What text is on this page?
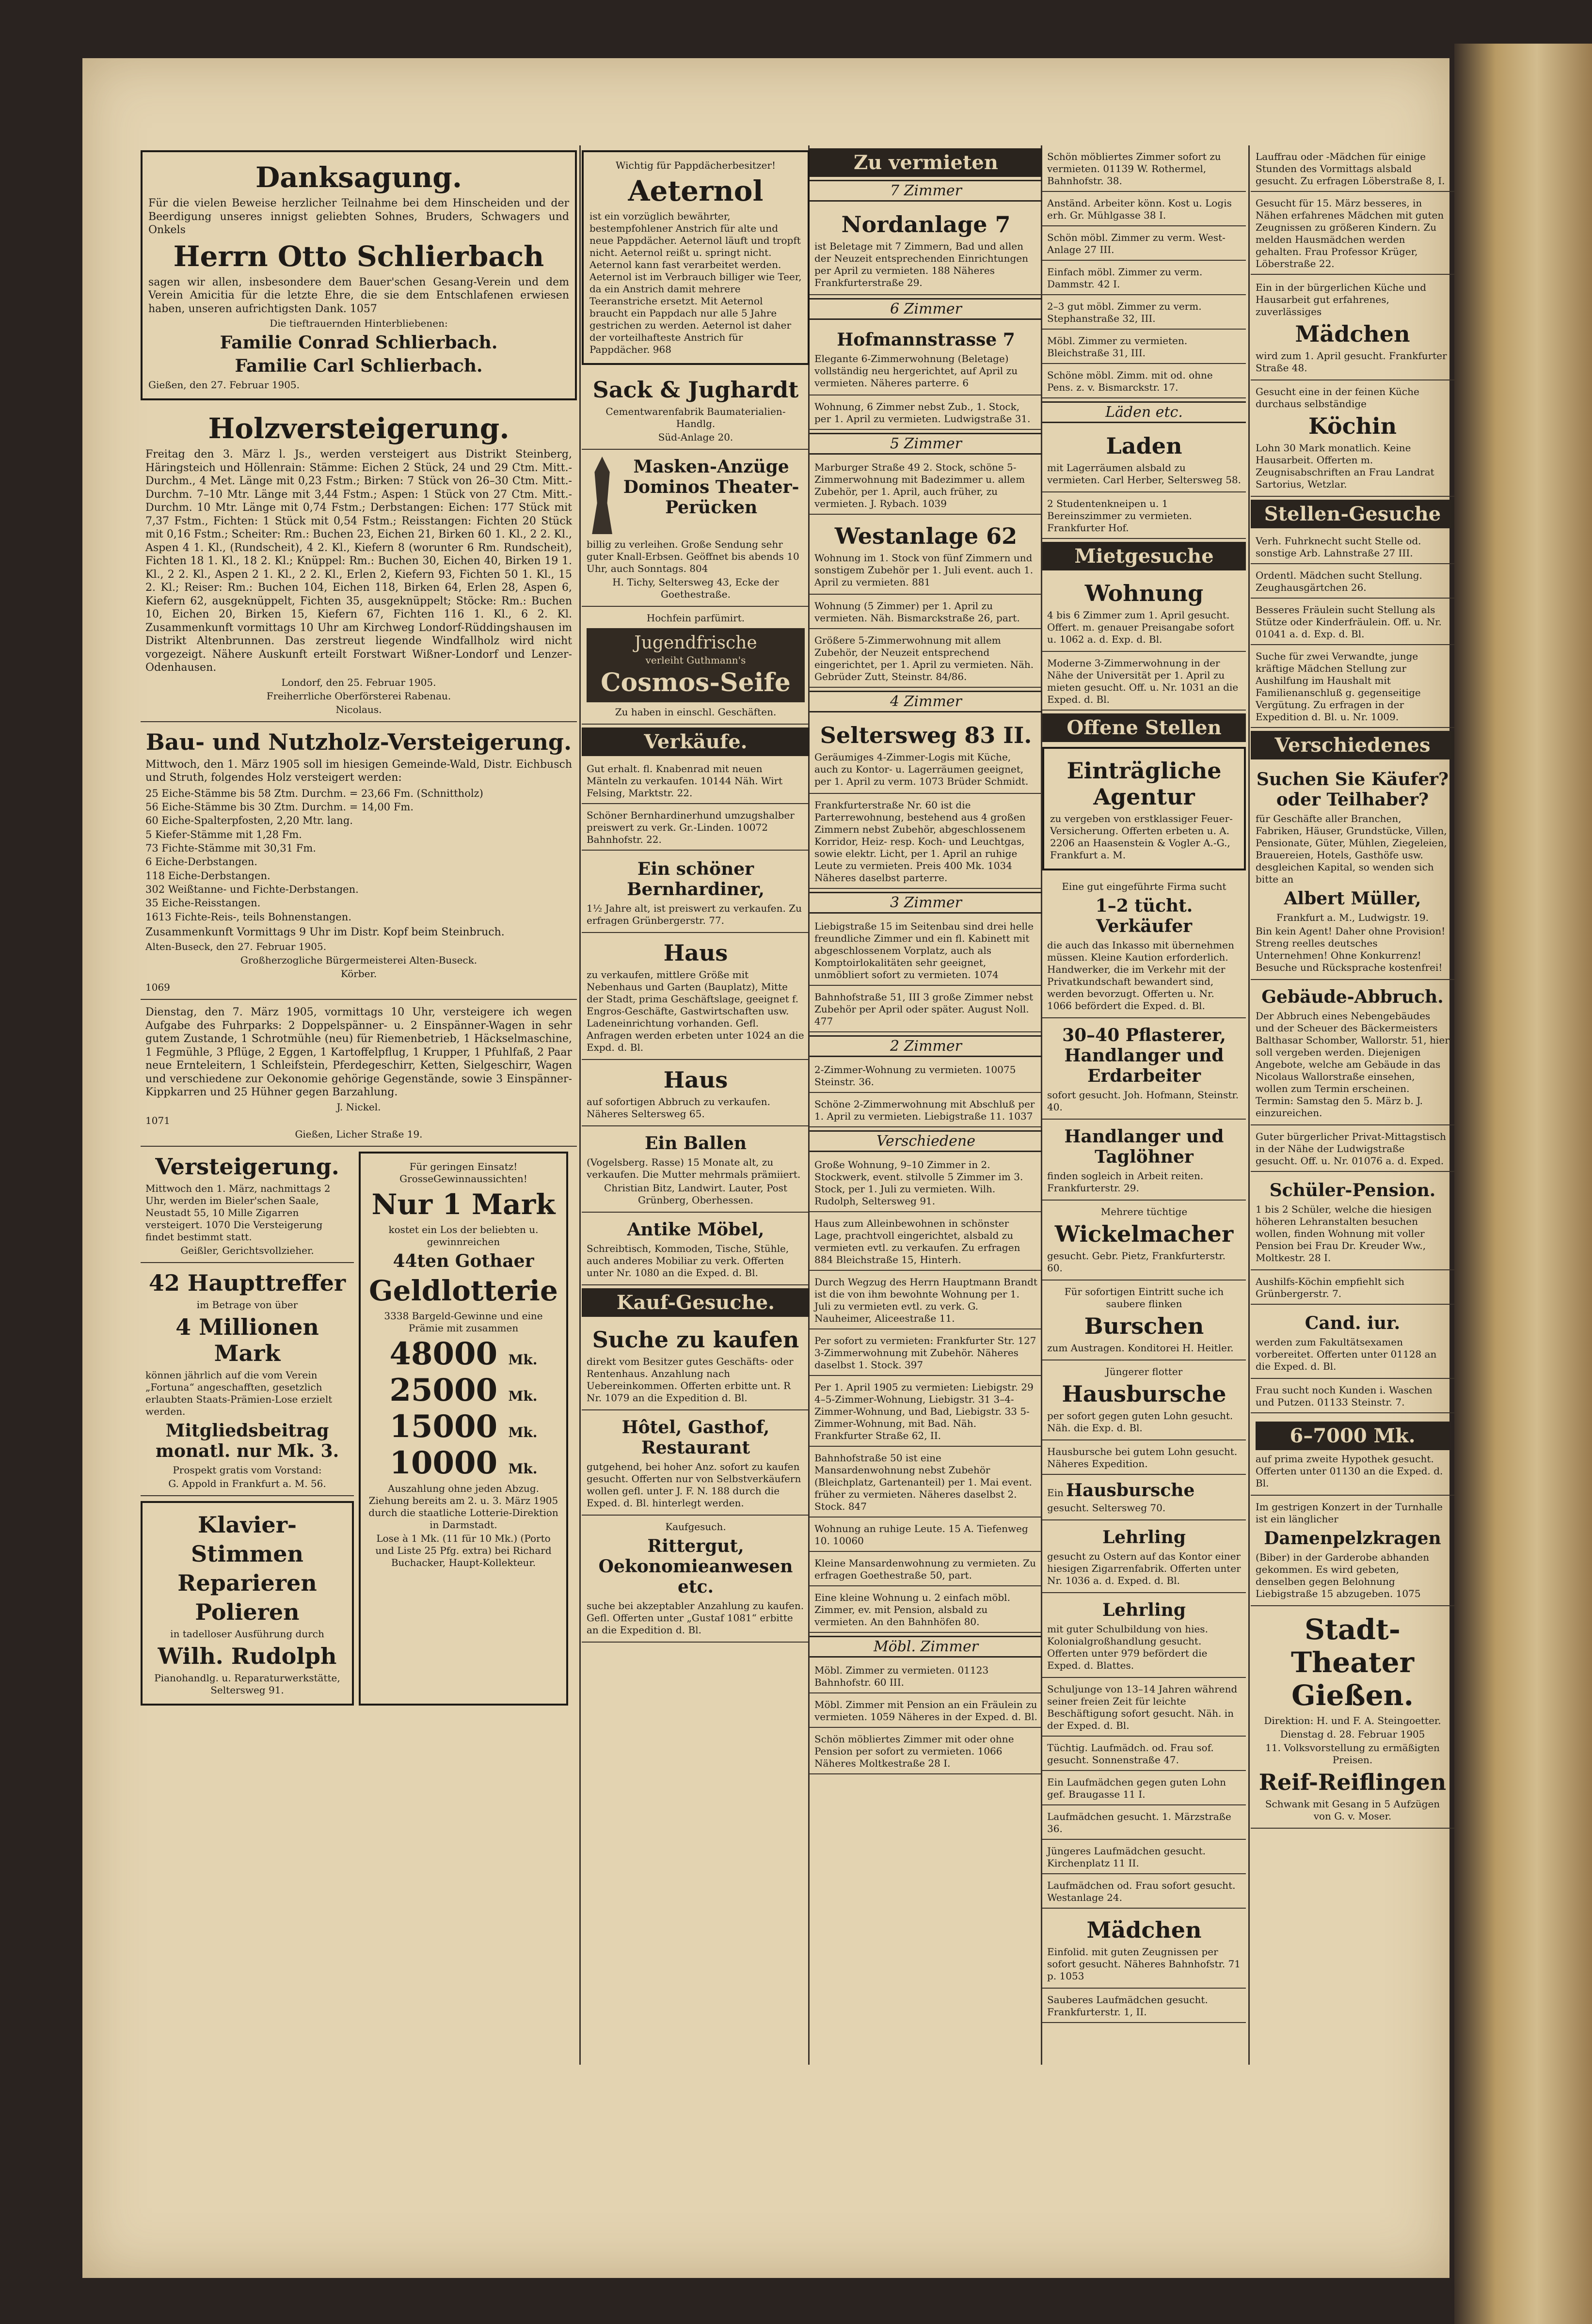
Danksagung.
Für die vielen Beweise herzlicher Teilnahme bei dem Hinscheiden und der Beerdigung unseres innigst geliebten Sohnes, Bruders, Schwagers und Onkels
Herrn Otto Schlierbach
sagen wir allen, insbesondere dem Bauer'schen Gesang-Verein und dem Verein Amicitia für die letzte Ehre, die sie dem Entschlafenen erwiesen haben, unseren aufrichtigsten Dank. 1057
Die tieftrauernden Hinterbliebenen:
Familie Conrad Schlierbach.
Familie Carl Schlierbach.
Gießen, den 27. Februar 1905.
Holzversteigerung.
Freitag den 3. März l. Js., werden versteigert aus Distrikt Steinberg, Häringsteich und Höllenrain: Stämme: Eichen 2 Stück, 24 und 29 Ctm. Mitt.-Durchm., 4 Met. Länge mit 0,23 Fstm.; Birken: 7 Stück von 26–30 Ctm. Mitt.-Durchm. 7–10 Mtr. Länge mit 3,44 Fstm.; Aspen: 1 Stück von 27 Ctm. Mitt.-Durchm. 10 Mtr. Länge mit 0,74 Fstm.; Derbstangen: Eichen: 177 Stück mit 7,37 Fstm., Fichten: 1 Stück mit 0,54 Fstm.; Reisstangen: Fichten 20 Stück mit 0,16 Fstm.; Scheiter: Rm.: Buchen 23, Eichen 21, Birken 60 1. Kl., 2 2. Kl., Aspen 4 1. Kl., (Rundscheit), 4 2. Kl., Kiefern 8 (worunter 6 Rm. Rundscheit), Fichten 18 1. Kl., 18 2. Kl.; Knüppel: Rm.: Buchen 30, Eichen 40, Birken 19 1. Kl., 2 2. Kl., Aspen 2 1. Kl., 2 2. Kl., Erlen 2, Kiefern 93, Fichten 50 1. Kl., 15 2. Kl.; Reiser: Rm.: Buchen 104, Eichen 118, Birken 64, Erlen 28, Aspen 6, Kiefern 62, ausgeknüppelt, Fichten 35, ausgeknüppelt; Stöcke: Rm.: Buchen 10, Eichen 20, Birken 15, Kiefern 67, Fichten 116 1. Kl., 6 2. Kl. Zusammenkunft vormittags 10 Uhr am Kirchweg Londorf-Rüddingshausen im Distrikt Altenbrunnen. Das zerstreut liegende Windfallholz wird nicht vorgezeigt. Nähere Auskunft erteilt Forstwart Wißner-Londorf und Lenzer-Odenhausen.
Londorf, den 25. Februar 1905.
Freiherrliche Oberförsterei Rabenau.
Nicolaus.
Bau- und Nutzholz-Versteigerung.
Mittwoch, den 1. März 1905 soll im hiesigen Gemeinde-Wald, Distr. Eichbusch und Struth, folgendes Holz versteigert werden:
25 Eiche-Stämme bis 58 Ztm. Durchm. = 23,66 Fm. (Schnittholz)
56 Eiche-Stämme bis 30 Ztm. Durchm. = 14,00 Fm.
60 Eiche-Spalterpfosten, 2,20 Mtr. lang.
5 Kiefer-Stämme mit 1,28 Fm.
73 Fichte-Stämme mit 30,31 Fm.
6 Eiche-Derbstangen.
118 Eiche-Derbstangen.
302 Weißtanne- und Fichte-Derbstangen.
35 Eiche-Reisstangen.
1613 Fichte-Reis-, teils Bohnenstangen.
Zusammenkunft Vormittags 9 Uhr im Distr. Kopf beim Steinbruch.
Alten-Buseck, den 27. Februar 1905.
Großherzogliche Bürgermeisterei Alten-Buseck.
Körber.
1069
Dienstag, den 7. März 1905, vormittags 10 Uhr, versteigere ich wegen Aufgabe des Fuhrparks: 2 Doppelspänner- u. 2 Einspänner-Wagen in sehr gutem Zustande, 1 Schrotmühle (neu) für Riemenbetrieb, 1 Häckselmaschine, 1 Fegmühle, 3 Pflüge, 2 Eggen, 1 Kartoffelpflug, 1 Krupper, 1 Pfuhlfaß, 2 Paar neue Ernteleitern, 1 Schleifstein, Pferdegeschirr, Ketten, Sielgeschirr, Wagen und verschiedene zur Oekonomie gehörige Gegenstände, sowie 3 Einspänner-Kippkarren und 25 Hühner gegen Barzahlung.
J. Nickel.
1071
Gießen, Licher Straße 19.
Versteigerung.
Mittwoch den 1. März, nachmittags 2 Uhr, werden im Bieler'schen Saale, Neustadt 55, 10 Mille Zigarren versteigert. 1070 Die Versteigerung findet bestimmt statt.
Geißler, Gerichtsvollzieher.
42 Haupttreffer
im Betrage von über
4 Millionen Mark
können jährlich auf die vom Verein „Fortuna“ angeschafften, gesetzlich erlaubten Staats-Prämien-Lose erzielt werden.
Mitgliedsbeitrag monatl. nur Mk. 3.
Prospekt gratis vom Vorstand:
G. Appold in Frankfurt a. M. 56.
Klavier-
Stimmen
Reparieren
Polieren
in tadelloser Ausführung durch
Wilh. Rudolph
Pianohandlg. u. Reparaturwerkstätte, Seltersweg 91.
Für geringen Einsatz! GrosseGewinnaussichten!
Nur 1 Mark
kostet ein Los der beliebten u. gewinnreichen
44ten Gothaer
Geldlotterie
3338 Bargeld-Gewinne und eine Prämie mit zusammen
48000 Mk.
25000 Mk.
15000 Mk.
10000 Mk.
Auszahlung ohne jeden Abzug. Ziehung bereits am 2. u. 3. März 1905 durch die staatliche Lotterie-Direktion in Darmstadt.
Lose à 1 Mk. (11 für 10 Mk.) (Porto und Liste 25 Pfg. extra) bei Richard Buchacker, Haupt-Kollekteur.
Wichtig für Pappdächerbesitzer!
Aeternol
ist ein vorzüglich bewährter, bestempfohlener Anstrich für alte und neue Pappdächer. Aeternol läuft und tropft nicht. Aeternol reißt u. springt nicht. Aeternol kann fast verarbeitet werden. Aeternol ist im Verbrauch billiger wie Teer, da ein Anstrich damit mehrere Teeranstriche ersetzt. Mit Aeternol braucht ein Pappdach nur alle 5 Jahre gestrichen zu werden. Aeternol ist daher der vorteilhafteste Anstrich für Pappdächer. 968
Sack & Jughardt
Cementwarenfabrik Baumaterialien-Handlg.
Süd-Anlage 20.
Masken-Anzüge Dominos Theater-Perücken
billig zu verleihen. Große Sendung sehr guter Knall-Erbsen. Geöffnet bis abends 10 Uhr, auch Sonntags. 804
H. Tichy, Seltersweg 43, Ecke der Goethestraße.
Hochfein parfümirt.
Jugendfrische
verleiht Guthmann's
Cosmos-Seife
Zu haben in einschl. Geschäften.
Verkäufe.
Gut erhalt. fl. Knabenrad mit neuen Mänteln zu verkaufen. 10144 Näh. Wirt Felsing, Marktstr. 22.
Schöner Bernhardinerhund umzugshalber preiswert zu verk. Gr.-Linden. 10072 Bahnhofstr. 22.
Ein schöner Bernhardiner,
1½ Jahre alt, ist preiswert zu verkaufen. Zu erfragen Grünbergerstr. 77.
Haus
zu verkaufen, mittlere Größe mit Nebenhaus und Garten (Bauplatz), Mitte der Stadt, prima Geschäftslage, geeignet f. Engros-Geschäfte, Gastwirtschaften usw. Ladeneinrichtung vorhanden. Gefl. Anfragen werden erbeten unter 1024 an die Expd. d. Bl.
Haus
auf sofortigen Abbruch zu verkaufen. Näheres Seltersweg 65.
Ein Ballen
(Vogelsberg. Rasse) 15 Monate alt, zu verkaufen. Die Mutter mehrmals prämiiert.
Christian Bitz, Landwirt. Lauter, Post Grünberg, Oberhessen.
Antike Möbel,
Schreibtisch, Kommoden, Tische, Stühle, auch anderes Mobiliar zu verk. Offerten unter Nr. 1080 an die Exped. d. Bl.
Kauf-Gesuche.
Suche zu kaufen
direkt vom Besitzer gutes Geschäfts- oder Rentenhaus. Anzahlung nach Uebereinkommen. Offerten erbitte unt. R Nr. 1079 an die Expedition d. Bl.
Hôtel, Gasthof, Restaurant
gutgehend, bei hoher Anz. sofort zu kaufen gesucht. Offerten nur von Selbstverkäufern wollen gefl. unter J. F. N. 188 durch die Exped. d. Bl. hinterlegt werden.
Kaufgesuch.
Rittergut, Oekonomieanwesen etc.
suche bei akzeptabler Anzahlung zu kaufen. Gefl. Offerten unter „Gustaf 1081“ erbitte an die Expedition d. Bl.
Zu vermieten
7 Zimmer
Nordanlage 7
ist Beletage mit 7 Zimmern, Bad und allen der Neuzeit entsprechenden Einrichtungen per April zu vermieten. 188 Näheres Frankfurterstraße 29.
6 Zimmer
Hofmannstrasse 7
Elegante 6-Zimmerwohnung (Beletage) vollständig neu hergerichtet, auf April zu vermieten. Näheres parterre. 6
Wohnung, 6 Zimmer nebst Zub., 1. Stock, per 1. April zu vermieten. Ludwigstraße 31.
5 Zimmer
Marburger Straße 49 2. Stock, schöne 5-Zimmerwohnung mit Badezimmer u. allem Zubehör, per 1. April, auch früher, zu vermieten. J. Rybach. 1039
Westanlage 62
Wohnung im 1. Stock von fünf Zimmern und sonstigem Zubehör per 1. Juli event. auch 1. April zu vermieten. 881
Wohnung (5 Zimmer) per 1. April zu vermieten. Näh. Bismarckstraße 26, part.
Größere 5-Zimmerwohnung mit allem Zubehör, der Neuzeit entsprechend eingerichtet, per 1. April zu vermieten. Näh. Gebrüder Zutt, Steinstr. 84/86.
4 Zimmer
Seltersweg 83 II.
Geräumiges 4-Zimmer-Logis mit Küche, auch zu Kontor- u. Lagerräumen geeignet, per 1. April zu verm. 1073 Brüder Schmidt.
Frankfurterstraße Nr. 60 ist die Parterrewohnung, bestehend aus 4 großen Zimmern nebst Zubehör, abgeschlossenem Korridor, Heiz- resp. Koch- und Leuchtgas, sowie elektr. Licht, per 1. April an ruhige Leute zu vermieten. Preis 400 Mk. 1034 Näheres daselbst parterre.
3 Zimmer
Liebigstraße 15 im Seitenbau sind drei helle freundliche Zimmer und ein fl. Kabinett mit abgeschlossenem Vorplatz, auch als Komptoirlokalitäten sehr geeignet, unmöbliert sofort zu vermieten. 1074
Bahnhofstraße 51, III 3 große Zimmer nebst Zubehör per April oder später. August Noll. 477
2 Zimmer
2-Zimmer-Wohnung zu vermieten. 10075 Steinstr. 36.
Schöne 2-Zimmerwohnung mit Abschluß per 1. April zu vermieten. Liebigstraße 11. 1037
Verschiedene
Große Wohnung, 9–10 Zimmer in 2. Stockwerk, event. stilvolle 5 Zimmer im 3. Stock, per 1. Juli zu vermieten. Wilh. Rudolph, Seltersweg 91.
Haus zum Alleinbewohnen in schönster Lage, prachtvoll eingerichtet, alsbald zu vermieten evtl. zu verkaufen. Zu erfragen 884 Bleichstraße 15, Hinterh.
Durch Wegzug des Herrn Hauptmann Brandt ist die von ihm bewohnte Wohnung per 1. Juli zu vermieten evtl. zu verk. G. Nauheimer, Aliceestraße 11.
Per sofort zu vermieten: Frankfurter Str. 127 3-Zimmerwohnung mit Zubehör. Näheres daselbst 1. Stock. 397
Per 1. April 1905 zu vermieten: Liebigstr. 29 4–5-Zimmer-Wohnung, Liebigstr. 31 3–4-Zimmer-Wohnung, und Bad, Liebigstr. 33 5-Zimmer-Wohnung, mit Bad. Näh. Frankfurter Straße 62, II.
Bahnhofstraße 50 ist eine Mansardenwohnung nebst Zubehör (Bleichplatz, Gartenanteil) per 1. Mai event. früher zu vermieten. Näheres daselbst 2. Stock. 847
Wohnung an ruhige Leute. 15 A. Tiefenweg 10. 10060
Kleine Mansardenwohnung zu vermieten. Zu erfragen Goethestraße 50, part.
Eine kleine Wohnung u. 2 einfach möbl. Zimmer, ev. mit Pension, alsbald zu vermieten. An den Bahnhöfen 80.
Möbl. Zimmer
Möbl. Zimmer zu vermieten. 01123 Bahnhofstr. 60 III.
Möbl. Zimmer mit Pension an ein Fräulein zu vermieten. 1059 Näheres in der Exped. d. Bl.
Schön möbliertes Zimmer mit oder ohne Pension per sofort zu vermieten. 1066 Näheres Moltkestraße 28 I.
Schön möbliertes Zimmer sofort zu vermieten. 01139 W. Rothermel, Bahnhofstr. 38.
Anständ. Arbeiter könn. Kost u. Logis erh. Gr. Mühlgasse 38 I.
Schön möbl. Zimmer zu verm. West-Anlage 27 III.
Einfach möbl. Zimmer zu verm. Dammstr. 42 I.
2–3 gut möbl. Zimmer zu verm. Stephanstraße 32, III.
Möbl. Zimmer zu vermieten. Bleichstraße 31, III.
Schöne möbl. Zimm. mit od. ohne Pens. z. v. Bismarckstr. 17.
Läden etc.
Laden
mit Lagerräumen alsbald zu vermieten. Carl Herber, Seltersweg 58.
2 Studentenkneipen u. 1 Bereinszimmer zu vermieten. Frankfurter Hof.
Mietgesuche
Wohnung
4 bis 6 Zimmer zum 1. April gesucht. Offert. m. genauer Preisangabe sofort u. 1062 a. d. Exp. d. Bl.
Moderne 3-Zimmerwohnung in der Nähe der Universität per 1. April zu mieten gesucht. Off. u. Nr. 1031 an die Exped. d. Bl.
Offene Stellen
Einträgliche Agentur
zu vergeben von erstklassiger Feuer-Versicherung. Offerten erbeten u. A. 2206 an Haasenstein & Vogler A.-G., Frankfurt a. M.
Eine gut eingeführte Firma sucht
1–2 tücht. Verkäufer
die auch das Inkasso mit übernehmen müssen. Kleine Kaution erforderlich. Handwerker, die im Verkehr mit der Privatkundschaft bewandert sind, werden bevorzugt. Offerten u. Nr. 1066 befördert die Exped. d. Bl.
30–40 Pflasterer, Handlanger und Erdarbeiter
sofort gesucht. Joh. Hofmann, Steinstr. 40.
Handlanger und Taglöhner
finden sogleich in Arbeit reiten. Frankfurterstr. 29.
Mehrere tüchtige
Wickelmacher
gesucht. Gebr. Pietz, Frankfurterstr. 60.
Für sofortigen Eintritt suche ich saubere flinken
Burschen
zum Austragen. Konditorei H. Heitler.
Jüngerer flotter
Hausbursche
per sofort gegen guten Lohn gesucht. Näh. die Exp. d. Bl.
Hausbursche bei gutem Lohn gesucht. Näheres Expedition.
Ein Hausbursche
gesucht. Seltersweg 70.
Lehrling
gesucht zu Ostern auf das Kontor einer hiesigen Zigarrenfabrik. Offerten unter Nr. 1036 a. d. Exped. d. Bl.
Lehrling
mit guter Schulbildung von hies. Kolonialgroßhandlung gesucht. Offerten unter 979 befördert die Exped. d. Blattes.
Schuljunge von 13–14 Jahren während seiner freien Zeit für leichte Beschäftigung sofort gesucht. Näh. in der Exped. d. Bl.
Tüchtig. Laufmädch. od. Frau sof. gesucht. Sonnenstraße 47.
Ein Laufmädchen gegen guten Lohn gef. Braugasse 11 I.
Laufmädchen gesucht. 1. Märzstraße 36.
Jüngeres Laufmädchen gesucht. Kirchenplatz 11 II.
Laufmädchen od. Frau sofort gesucht. Westanlage 24.
Mädchen
Einfolid. mit guten Zeugnissen per sofort gesucht. Näheres Bahnhofstr. 71 p. 1053
Sauberes Laufmädchen gesucht. Frankfurterstr. 1, II.
Lauffrau oder -Mädchen für einige Stunden des Vormittags alsbald gesucht. Zu erfragen Löberstraße 8, I.
Gesucht für 15. März besseres, in Nähen erfahrenes Mädchen mit guten Zeugnissen zu größeren Kindern. Zu melden Hausmädchen werden gehalten. Frau Professor Krüger, Löberstraße 22.
Ein in der bürgerlichen Küche und Hausarbeit gut erfahrenes, zuverlässiges
Mädchen
wird zum 1. April gesucht. Frankfurter Straße 48.
Gesucht eine in der feinen Küche durchaus selbständige
Köchin
Lohn 30 Mark monatlich. Keine Hausarbeit. Offerten m. Zeugnisabschriften an Frau Landrat Sartorius, Wetzlar.
Stellen-Gesuche
Verh. Fuhrknecht sucht Stelle od. sonstige Arb. Lahnstraße 27 III.
Ordentl. Mädchen sucht Stellung. Zeughausgärtchen 26.
Besseres Fräulein sucht Stellung als Stütze oder Kinderfräulein. Off. u. Nr. 01041 a. d. Exp. d. Bl.
Suche für zwei Verwandte, junge kräftige Mädchen Stellung zur Aushilfung im Haushalt mit Familienanschluß g. gegenseitige Vergütung. Zu erfragen in der Expedition d. Bl. u. Nr. 1009.
Verschiedenes
Suchen Sie Käufer? oder Teilhaber?
für Geschäfte aller Branchen, Fabriken, Häuser, Grundstücke, Villen, Pensionate, Güter, Mühlen, Ziegeleien, Brauereien, Hotels, Gasthöfe usw. desgleichen Kapital, so wenden sich bitte an
Albert Müller,
Frankfurt a. M., Ludwigstr. 19.
Bin kein Agent! Daher ohne Provision! Streng reelles deutsches Unternehmen! Ohne Konkurrenz! Besuche und Rücksprache kostenfrei!
Gebäude-Abbruch.
Der Abbruch eines Nebengebäudes und der Scheuer des Bäckermeisters Balthasar Schomber, Wallorstr. 51, hier soll vergeben werden. Diejenigen Angebote, welche am Gebäude in das Nicolaus Wallorstraße einsehen, wollen zum Termin erscheinen. Termin: Samstag den 5. März b. J. einzureichen.
Guter bürgerlicher Privat-Mittagstisch in der Nähe der Ludwigstraße gesucht. Off. u. Nr. 01076 a. d. Exped.
Schüler-Pension.
1 bis 2 Schüler, welche die hiesigen höheren Lehranstalten besuchen wollen, finden Wohnung mit voller Pension bei Frau Dr. Kreuder Ww., Moltkestr. 28 I.
Aushilfs-Köchin empfiehlt sich Grünbergerstr. 7.
Cand. iur.
werden zum Fakultätsexamen vorbereitet. Offerten unter 01128 an die Exped. d. Bl.
Frau sucht noch Kunden i. Waschen und Putzen. 01133 Steinstr. 7.
6–7000 Mk.
auf prima zweite Hypothek gesucht. Offerten unter 01130 an die Exped. d. Bl.
Im gestrigen Konzert in der Turnhalle ist ein länglicher
Damenpelzkragen
(Biber) in der Garderobe abhanden gekommen. Es wird gebeten, denselben gegen Belohnung Liebigstraße 15 abzugeben. 1075
Stadt-Theater Gießen.
Direktion: H. und F. A. Steingoetter.
Dienstag d. 28. Februar 1905
11. Volksvorstellung zu ermäßigten Preisen.
Reif-Reiflingen
Schwank mit Gesang in 5 Aufzügen von G. v. Moser.
